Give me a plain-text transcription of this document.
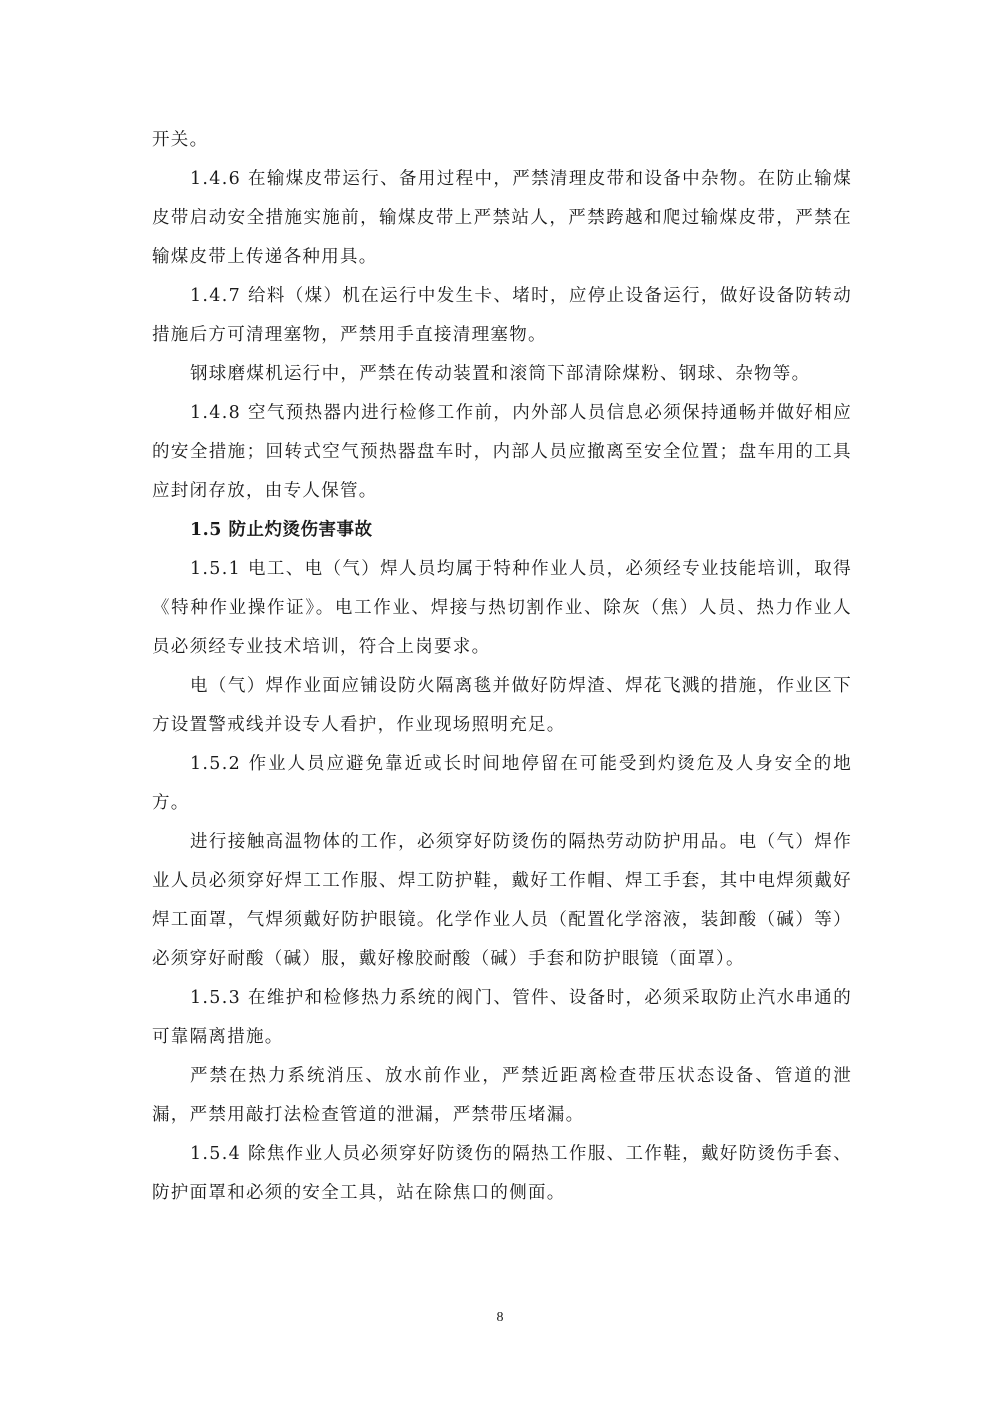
开关。

1.4.6 在输煤皮带运行、备用过程中，严禁清理皮带和设备中杂物。在防止输煤皮带启动安全措施实施前，输煤皮带上严禁站人，严禁跨越和爬过输煤皮带，严禁在输煤皮带上传递各种用具。

1.4.7 给料（煤）机在运行中发生卡、堵时，应停止设备运行，做好设备防转动措施后方可清理塞物，严禁用手直接清理塞物。

钢球磨煤机运行中，严禁在传动装置和滚筒下部清除煤粉、钢球、杂物等。

1.4.8 空气预热器内进行检修工作前，内外部人员信息必须保持通畅并做好相应的安全措施；回转式空气预热器盘车时，内部人员应撤离至安全位置；盘车用的工具应封闭存放，由专人保管。

1.5 防止灼烫伤害事故

1.5.1 电工、电（气）焊人员均属于特种作业人员，必须经专业技能培训，取得《特种作业操作证》。电工作业、焊接与热切割作业、除灰（焦）人员、热力作业人员必须经专业技术培训，符合上岗要求。

电（气）焊作业面应铺设防火隔离毯并做好防焊渣、焊花飞溅的措施，作业区下方设置警戒线并设专人看护，作业现场照明充足。

1.5.2 作业人员应避免靠近或长时间地停留在可能受到灼烫危及人身安全的地方。

进行接触高温物体的工作，必须穿好防烫伤的隔热劳动防护用品。电（气）焊作业人员必须穿好焊工工作服、焊工防护鞋，戴好工作帽、焊工手套，其中电焊须戴好焊工面罩，气焊须戴好防护眼镜。化学作业人员（配置化学溶液，装卸酸（碱）等）必须穿好耐酸（碱）服，戴好橡胶耐酸（碱）手套和防护眼镜（面罩）。

1.5.3 在维护和检修热力系统的阀门、管件、设备时，必须采取防止汽水串通的可靠隔离措施。

严禁在热力系统消压、放水前作业，严禁近距离检查带压状态设备、管道的泄漏，严禁用敲打法检查管道的泄漏，严禁带压堵漏。

1.5.4 除焦作业人员必须穿好防烫伤的隔热工作服、工作鞋，戴好防烫伤手套、防护面罩和必须的安全工具，站在除焦口的侧面。

8
